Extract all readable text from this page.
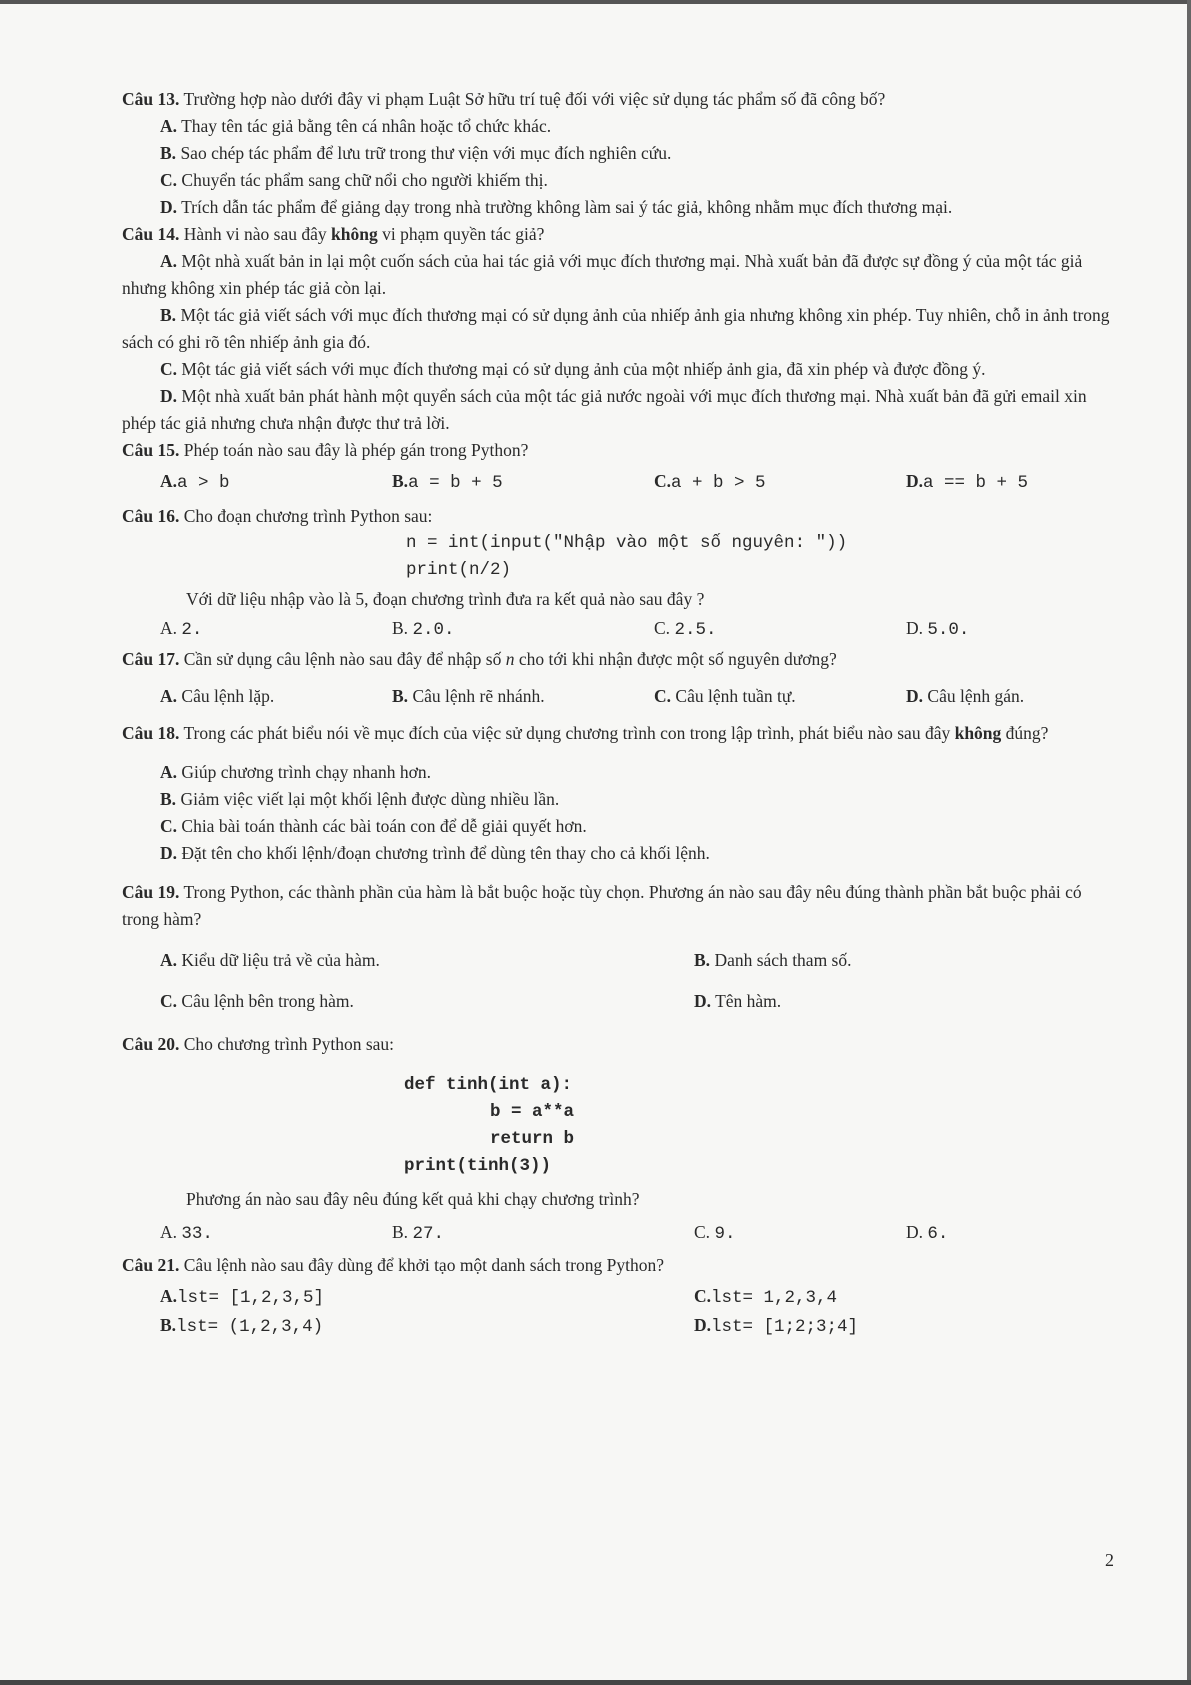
Câu 13. Trường hợp nào dưới đây vi phạm Luật Sở hữu trí tuệ đối với việc sử dụng tác phẩm số đã công bố?

A. Thay tên tác giả bằng tên cá nhân hoặc tổ chức khác.

B. Sao chép tác phẩm để lưu trữ trong thư viện với mục đích nghiên cứu.

C. Chuyển tác phẩm sang chữ nổi cho người khiếm thị.

D. Trích dẫn tác phẩm để giảng dạy trong nhà trường không làm sai ý tác giả, không nhằm mục đích thương mại.

Câu 14. Hành vi nào sau đây không vi phạm quyền tác giả?

A. Một nhà xuất bản in lại một cuốn sách của hai tác giả với mục đích thương mại. Nhà xuất bản đã được sự đồng ý của một tác giả nhưng không xin phép tác giả còn lại.

B. Một tác giả viết sách với mục đích thương mại có sử dụng ảnh của nhiếp ảnh gia nhưng không xin phép. Tuy nhiên, chỗ in ảnh trong sách có ghi rõ tên nhiếp ảnh gia đó.

C. Một tác giả viết sách với mục đích thương mại có sử dụng ảnh của một nhiếp ảnh gia, đã xin phép và được đồng ý.

D. Một nhà xuất bản phát hành một quyển sách của một tác giả nước ngoài với mục đích thương mại. Nhà xuất bản đã gửi email xin phép tác giả nhưng chưa nhận được thư trả lời.

Câu 15. Phép toán nào sau đây là phép gán trong Python?

A.a > b	B.a = b + 5	C.a + b > 5	D.a == b + 5

Câu 16. Cho đoạn chương trình Python sau:

n = int(input("Nhập vào một số nguyên: "))

print(n/2)

Với dữ liệu nhập vào là 5, đoạn chương trình đưa ra kết quả nào sau đây ?

A. 2.	B. 2.0.	C. 2.5.	D. 5.0.

Câu 17. Cần sử dụng câu lệnh nào sau đây để nhập số n cho tới khi nhận được một số nguyên dương?

A. Câu lệnh lặp.	B. Câu lệnh rẽ nhánh.	C. Câu lệnh tuần tự.	D. Câu lệnh gán.

Câu 18. Trong các phát biểu nói về mục đích của việc sử dụng chương trình con trong lập trình, phát biểu nào sau đây không đúng?

A. Giúp chương trình chạy nhanh hơn.

B. Giảm việc viết lại một khối lệnh được dùng nhiều lần.

C. Chia bài toán thành các bài toán con để dễ giải quyết hơn.

D. Đặt tên cho khối lệnh/đoạn chương trình để dùng tên thay cho cả khối lệnh.

Câu 19. Trong Python, các thành phần của hàm là bắt buộc hoặc tùy chọn. Phương án nào sau đây nêu đúng thành phần bắt buộc phải có trong hàm?

A. Kiểu dữ liệu trả về của hàm.	B. Danh sách tham số.
C. Câu lệnh bên trong hàm.	D. Tên hàm.

Câu 20. Cho chương trình Python sau:

def tinh(int a):

b = a**a

return b

print(tinh(3))

Phương án nào sau đây nêu đúng kết quả khi chạy chương trình?

A. 33.	B. 27.	C. 9.	D. 6.

Câu 21. Câu lệnh nào sau đây dùng để khởi tạo một danh sách trong Python?

A.lst= [1,2,3,5]	C.lst= 1,2,3,4
B.lst= (1,2,3,4)	D.lst= [1;2;3;4]
2
